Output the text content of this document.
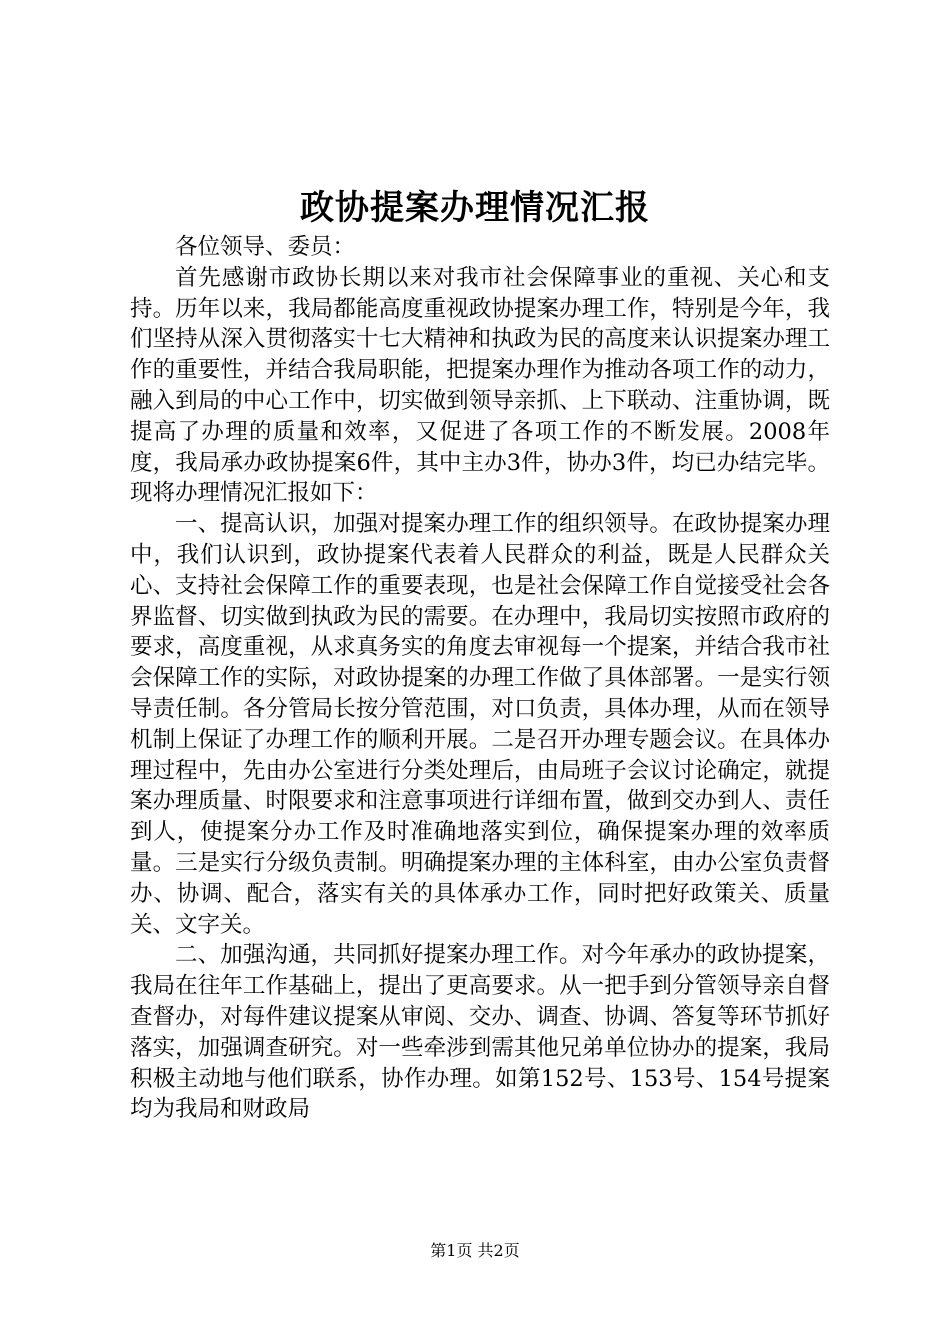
政协提案办理情况汇报

各位领导、委员：

首先感谢市政协长期以来对我市社会保障事业的重视、关心和支持。历年以来，我局都能高度重视政协提案办理工作，特别是今年，我们坚持从深入贯彻落实十七大精神和执政为民的高度来认识提案办理工作的重要性，并结合我局职能，把提案办理作为推动各项工作的动力，融入到局的中心工作中，切实做到领导亲抓、上下联动、注重协调，既提高了办理的质量和效率，又促进了各项工作的不断发展。2008年度，我局承办政协提案6件，其中主办3件，协办3件，均已办结完毕。现将办理情况汇报如下：

一、提高认识，加强对提案办理工作的组织领导。在政协提案办理中，我们认识到，政协提案代表着人民群众的利益，既是人民群众关心、支持社会保障工作的重要表现，也是社会保障工作自觉接受社会各界监督、切实做到执政为民的需要。在办理中，我局切实按照市政府的要求，高度重视，从求真务实的角度去审视每一个提案，并结合我市社会保障工作的实际，对政协提案的办理工作做了具体部署。一是实行领导责任制。各分管局长按分管范围，对口负责，具体办理，从而在领导机制上保证了办理工作的顺利开展。二是召开办理专题会议。在具体办理过程中，先由办公室进行分类处理后，由局班子会议讨论确定，就提案办理质量、时限要求和注意事项进行详细布置，做到交办到人、责任到人，使提案分办工作及时准确地落实到位，确保提案办理的效率质量。三是实行分级负责制。明确提案办理的主体科室，由办公室负责督办、协调、配合，落实有关的具体承办工作，同时把好政策关、质量关、文字关。

二、加强沟通，共同抓好提案办理工作。对今年承办的政协提案，我局在往年工作基础上，提出了更高要求。从一把手到分管领导亲自督查督办，对每件建议提案从审阅、交办、调查、协调、答复等环节抓好落实，加强调查研究。对一些牵涉到需其他兄弟单位协办的提案，我局积极主动地与他们联系，协作办理。如第152号、153号、154号提案均为我局和财政局

第1页 共2页
